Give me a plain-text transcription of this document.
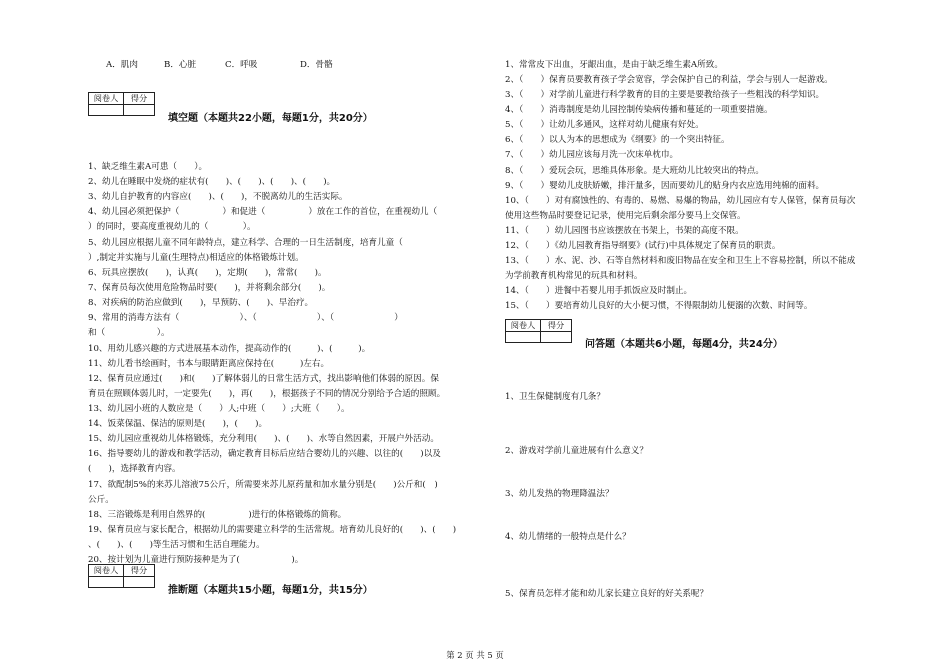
A．肌肉	B．心脏	C．呼吸	D．骨骼
阅卷人	得分

填空题（本题共22小题，每题1分，共20分）
1、缺乏维生素A可患（　　）。
2、幼儿在睡眠中发烧的症状有(　　)、(　　)、(　　)、(　　)。
3、幼儿自护教育的内容应(　　)、(　　)，不脱离幼儿的生活实际。
4、幼儿园必须把保护（　　　　　）和促进（　　　　　）放在工作的首位，在重视幼儿（　
）的同时，要高度重视幼儿的（　　　　）。
5、幼儿园应根据儿童不同年龄特点，建立科学、合理的一日生活制度，培育儿童（　　　　
）,制定并实施与儿童(生理特点)相适应的体格锻炼计划。
6、玩具应摆放(　　)，认真(　　)，定期(　　)，常常(　　)。
7、保育员每次使用危险物品时要(　　)，并将剩余部分(　　)。
8、对疾病的防治应做到(　　)，早预防、(　　)、早治疗。
9、常用的消毒方法有（　　　　　　　）、（　　　　　　　）、（　　　　　　　）
和（　　　　　　）。
10、用幼儿感兴趣的方式进展基本动作，提高动作的(　　　)、(　　　)。
11、幼儿看书绘画时，书本与眼睛距离应保持在(　　　)左右。
12、保育员应通过(　　)和(　　)了解体弱儿的日常生活方式，找出影响他们体弱的原因。保
育员在照顾体弱儿时，一定要先(　　)，再(　　)，根据孩子不同的情况分别给予合适的照顾。
13、幼儿园小班的人数应是（　　）人;中班（　　）;大班（　　）。
14、饭菜保温、保洁的原则是(　　)，(　　)。
15、幼儿园应重视幼儿体格锻炼，充分利用(　　)、(　　)、水等自然因素，开展户外活动。
16、指导婴幼儿的游戏和教学活动，确定教育目标后应结合婴幼儿的兴趣、以往的(　　)以及
(　　)，选择教育内容。
17、欲配制5%的来苏儿溶液75公斤，所需要来苏儿原药量和加水量分别是(　　)公斤和(　)
公斤。
18、三浴锻炼是利用自然界的(　　　　　)进行的体格锻炼的简称。
19、保育员应与家长配合，根据幼儿的需要建立科学的生活常规。培育幼儿良好的(　　)、(　　)
、(　　)、(　　)等生活习惯和生活自理能力。
20、按计划为儿童进行预防接种是为了(　　　　　　)。
阅卷人	得分

推断题（本题共15小题，每题1分，共15分）
1、常常皮下出血，牙龈出血，是由于缺乏维生素A所致。
2、（　　）保育员要教育孩子学会宽容，学会保护自己的利益，学会与别人一起游戏。
3、（　　）对学前儿童进行科学教育的目的主要是要教给孩子一些粗浅的科学知识。
4、（　　）消毒制度是幼儿园控制传染病传播和蔓延的一项重要措施。
5、（　　）让幼儿多通风，这样对幼儿健康有好处。
6、（　　）以人为本的思想成为《纲要》的一个突出特征。
7、（　　）幼儿园应该每月洗一次床单枕巾。
8、（　　）爱玩会玩，思维具体形象。是大班幼儿比较突出的特点。
9、（　　）婴幼儿皮肤娇嫩，排汗量多，因而要幼儿的贴身内衣应选用纯棉的面料。
10、（　　）对有腐蚀性的、有毒的、易燃、易爆的物品，幼儿园应有专人保管，保育员每次
使用这些物品时要登记记录，使用完后剩余部分要马上交保管。
11、（　　）幼儿园图书应该摆放在书架上，书架的高度不限。
12、（　　）《幼儿园教育指导纲要》(试行)中具体规定了保育员的职责。
13、（　　）水、泥、沙、石等自然材料和废旧物品在安全和卫生上不容易控制，所以不能成
为学前教育机构常见的玩具和材料。
14、（　　）进餐中若婴儿用手抓饭应及时制止。
15、（　　）要培育幼儿良好的大小便习惯，不得限制幼儿便溺的次数、时间等。
阅卷人	得分

问答题（本题共6小题，每题4分，共24分）
1、卫生保健制度有几条？
2、游戏对学前儿童进展有什么意义？
3、幼儿发热的物理降温法？
4、幼儿情绪的一般特点是什么？
5、保育员怎样才能和幼儿家长建立良好的好关系呢？
第 2 页 共 5 页
